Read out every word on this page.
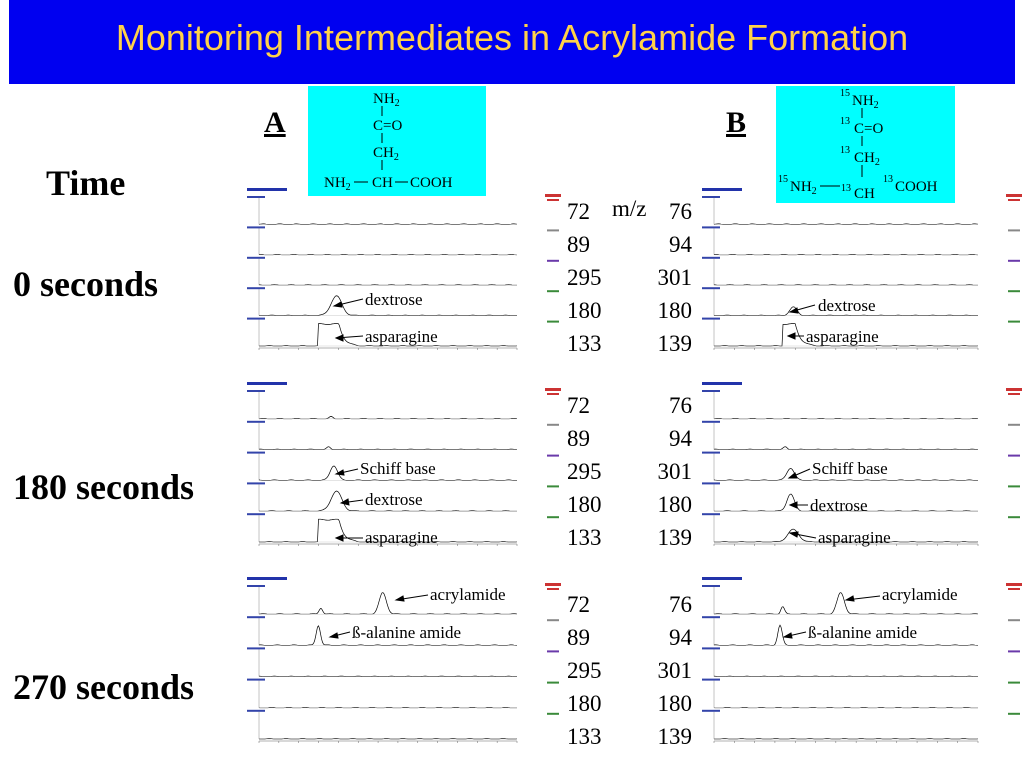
Monitoring Intermediates in Acrylamide Formation
A	B
$NH_2$
C=O
$CH_2$
$NH_2$ CH COOH
15 $NH_2$
13 C=O
13 $CH_2$
15 $NH_2$ 13 CH
13 COOH
Time
0 seconds
180 seconds
270 seconds
m/z
72
89
295
180
133
76
94
301
180
139
72
89
295
180
133
76
94
301
180
139
72
89
295
180
133
76
94
301
180
139
dextrose
asparagine
dextrose
asparagine
Schiff base
dextrose
asparagine
Schiff base
dextrose
asparagine
acrylamide
ß-alanine amide
acrylamide
ß-alanine amide
